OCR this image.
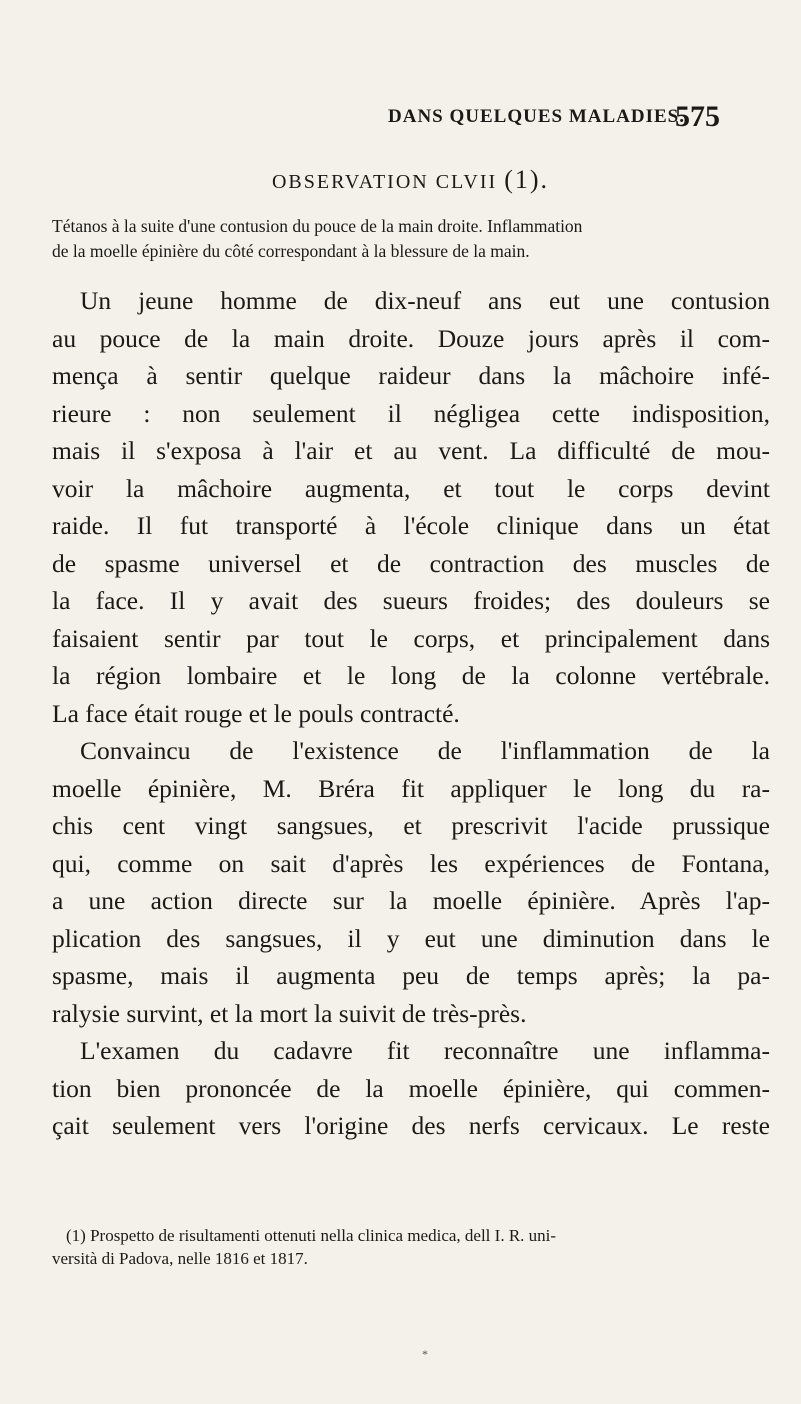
DANS QUELQUES MALADIES.
575
OBSERVATION CLVII (1).
Tétanos à la suite d'une contusion du pouce de la main droite. Inflammation
de la moelle épinière du côté correspondant à la blessure de la main.
Un jeune homme de dix-neuf ans eut une contusion
au pouce de la main droite. Douze jours après il com-
mença à sentir quelque raideur dans la mâchoire infé-
rieure : non seulement il négligea cette indisposition,
mais il s'exposa à l'air et au vent. La difficulté de mou-
voir la mâchoire augmenta, et tout le corps devint
raide. Il fut transporté à l'école clinique dans un état
de spasme universel et de contraction des muscles de
la face. Il y avait des sueurs froides; des douleurs se
faisaient sentir par tout le corps, et principalement dans
la région lombaire et le long de la colonne vertébrale.
La face était rouge et le pouls contracté.
Convaincu de l'existence de l'inflammation de la
moelle épinière, M. Bréra fit appliquer le long du ra-
chis cent vingt sangsues, et prescrivit l'acide prussique
qui, comme on sait d'après les expériences de Fontana,
a une action directe sur la moelle épinière. Après l'ap-
plication des sangsues, il y eut une diminution dans le
spasme, mais il augmenta peu de temps après; la pa-
ralysie survint, et la mort la suivit de très-près.
L'examen du cadavre fit reconnaître une inflamma-
tion bien prononcée de la moelle épinière, qui commen-
çait seulement vers l'origine des nerfs cervicaux. Le reste
(1) Prospetto de risultamenti ottenuti nella clinica medica, dell I. R. uni-
versità di Padova, nelle 1816 et 1817.
*
